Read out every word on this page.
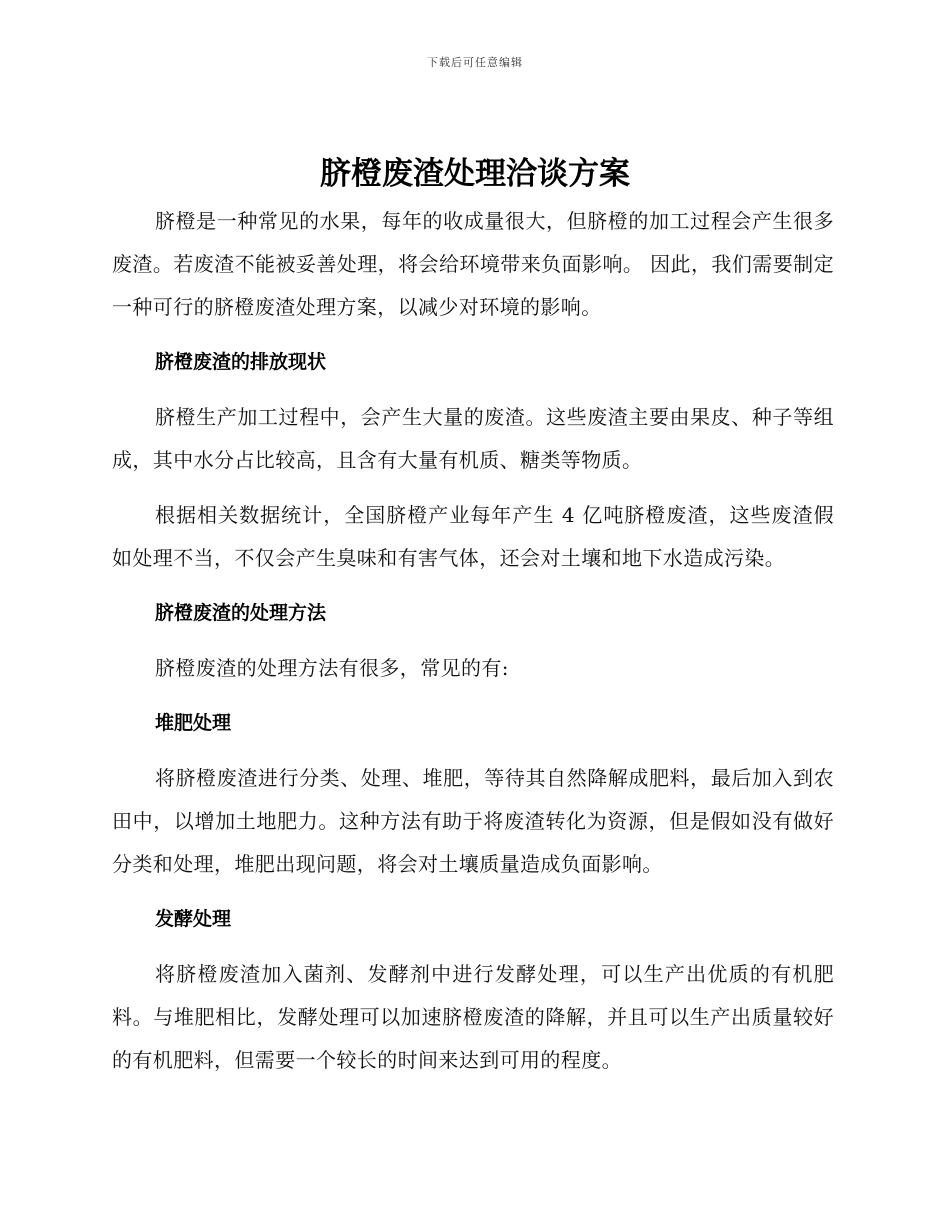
下载后可任意编辑
脐橙废渣处理洽谈方案

脐橙是一种常见的水果，每年的收成量很大，但脐橙的加工过程会产生很多废渣。若废渣不能被妥善处理，将会给环境带来负面影响。 因此，我们需要制定一种可行的脐橙废渣处理方案，以减少对环境的影响。

脐橙废渣的排放现状

脐橙生产加工过程中，会产生大量的废渣。这些废渣主要由果皮、种子等组成，其中水分占比较高，且含有大量有机质、糖类等物质。

根据相关数据统计，全国脐橙产业每年产生 4 亿吨脐橙废渣，这些废渣假如处理不当，不仅会产生臭味和有害气体，还会对土壤和地下水造成污染。

脐橙废渣的处理方法

脐橙废渣的处理方法有很多，常见的有:

堆肥处理

将脐橙废渣进行分类、处理、堆肥，等待其自然降解成肥料，最后加入到农田中，以增加土地肥力。这种方法有助于将废渣转化为资源，但是假如没有做好分类和处理，堆肥出现问题，将会对土壤质量造成负面影响。

发酵处理

将脐橙废渣加入菌剂、发酵剂中进行发酵处理，可以生产出优质的有机肥料。与堆肥相比，发酵处理可以加速脐橙废渣的降解，并且可以生产出质量较好的有机肥料，但需要一个较长的时间来达到可用的程度。
